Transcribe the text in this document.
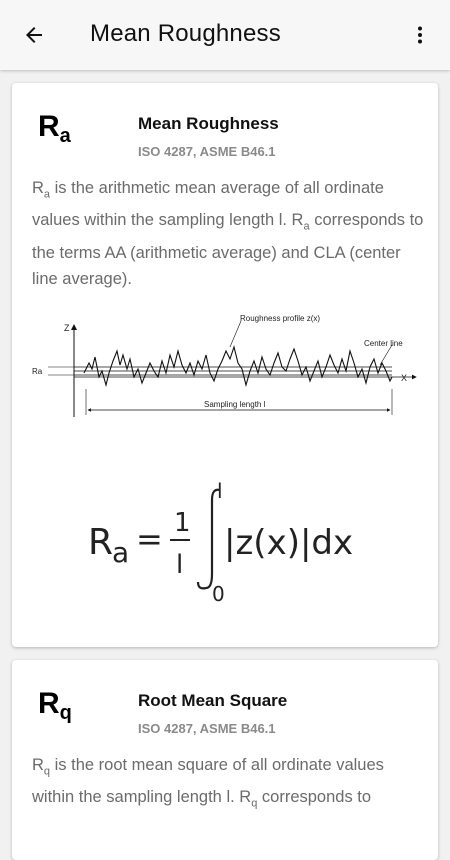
Mean Roughness
$R_a$
Mean Roughness
ISO 4287, ASME B46.1
$R_a$ is the arithmetic mean average of all ordinate values within the sampling length l. $R_a$ corresponds to the terms AA (arithmetic average) and CLA (center line average).
Z
X
Ra
Roughness profile z(x)
Center line
Sampling length l
R
a = 1
l
l
0
|z(x)|dx
$R_q$
Root Mean Square
ISO 4287, ASME B46.1
$R_q$ is the root mean square of all ordinate values within the sampling length l. $R_q$ corresponds to
